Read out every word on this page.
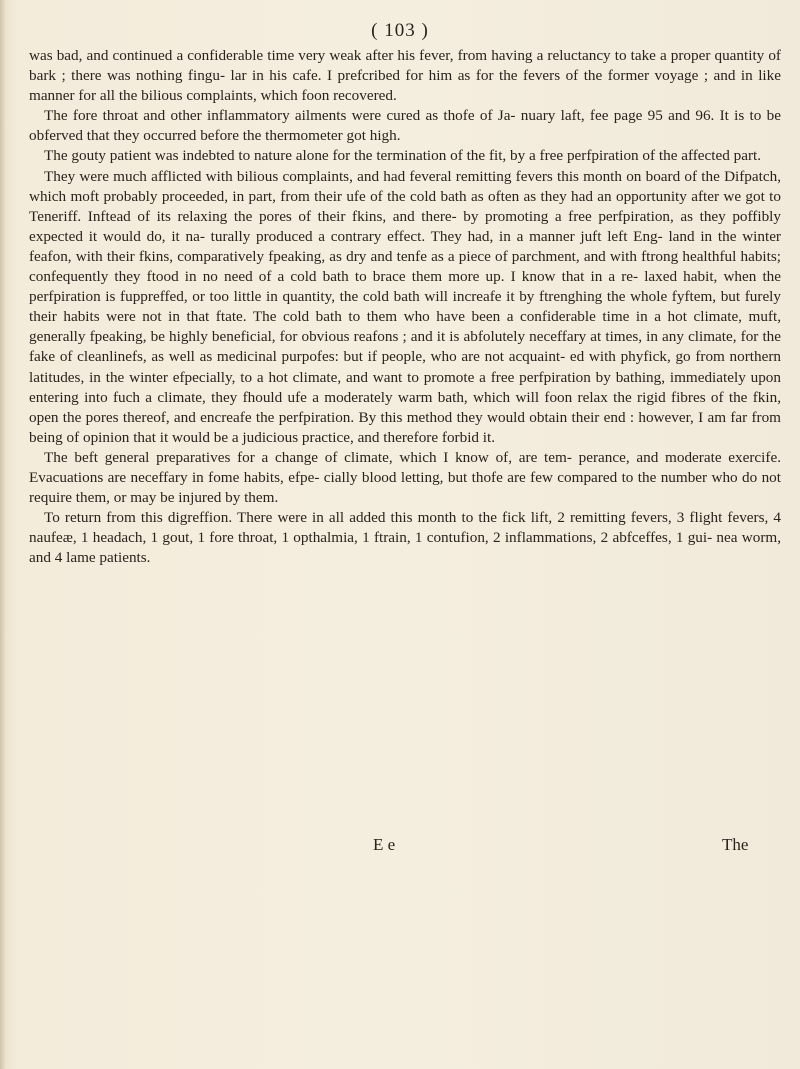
( 103 )

was bad, and continued a confiderable time very weak after his fever, from having a reluctancy to take a proper quantity of bark ; there was nothing fingu- lar in his cafe. I prefcribed for him as for the fevers of the former voyage ; and in like manner for all the bilious complaints, which foon recovered.

The fore throat and other inflammatory ailments were cured as thofe of Ja- nuary laft, fee page 95 and 96. It is to be obferved that they occurred before the thermometer got high.

The gouty patient was indebted to nature alone for the termination of the fit, by a free perfpiration of the affected part.

They were much afflicted with bilious complaints, and had feveral remitting fevers this month on board of the Difpatch, which moft probably proceeded, in part, from their ufe of the cold bath as often as they had an opportunity after we got to Teneriff. Inftead of its relaxing the pores of their fkins, and there- by promoting a free perfpiration, as they poffibly expected it would do, it na- turally produced a contrary effect. They had, in a manner juft left Eng- land in the winter feafon, with their fkins, comparatively fpeaking, as dry and tenfe as a piece of parchment, and with ftrong healthful habits; confequently they ftood in no need of a cold bath to brace them more up. I know that in a re- laxed habit, when the perfpiration is fuppreffed, or too little in quantity, the cold bath will increafe it by ftrenghing the whole fyftem, but furely their habits were not in that ftate. The cold bath to them who have been a confiderable time in a hot climate, muft, generally fpeaking, be highly beneficial, for obvious reafons ; and it is abfolutely neceffary at times, in any climate, for the fake of cleanlinefs, as well as medicinal purpofes: but if people, who are not acquaint- ed with phyfick, go from northern latitudes, in the winter efpecially, to a hot climate, and want to promote a free perfpiration by bathing, immediately upon entering into fuch a climate, they fhould ufe a moderately warm bath, which will foon relax the rigid fibres of the fkin, open the pores thereof, and encreafe the perfpiration. By this method they would obtain their end : however, I am far from being of opinion that it would be a judicious practice, and therefore forbid it.

The beft general preparatives for a change of climate, which I know of, are tem- perance, and moderate exercife. Evacuations are neceffary in fome habits, efpe- cially blood letting, but thofe are few compared to the number who do not require them, or may be injured by them.

To return from this digreffion. There were in all added this month to the fick lift, 2 remitting fevers, 3 flight fevers, 4 naufeæ, 1 headach, 1 gout, 1 fore throat, 1 opthalmia, 1 ftrain, 1 contufion, 2 inflammations, 2 abfceffes, 1 gui- nea worm, and 4 lame patients.

E e	The
